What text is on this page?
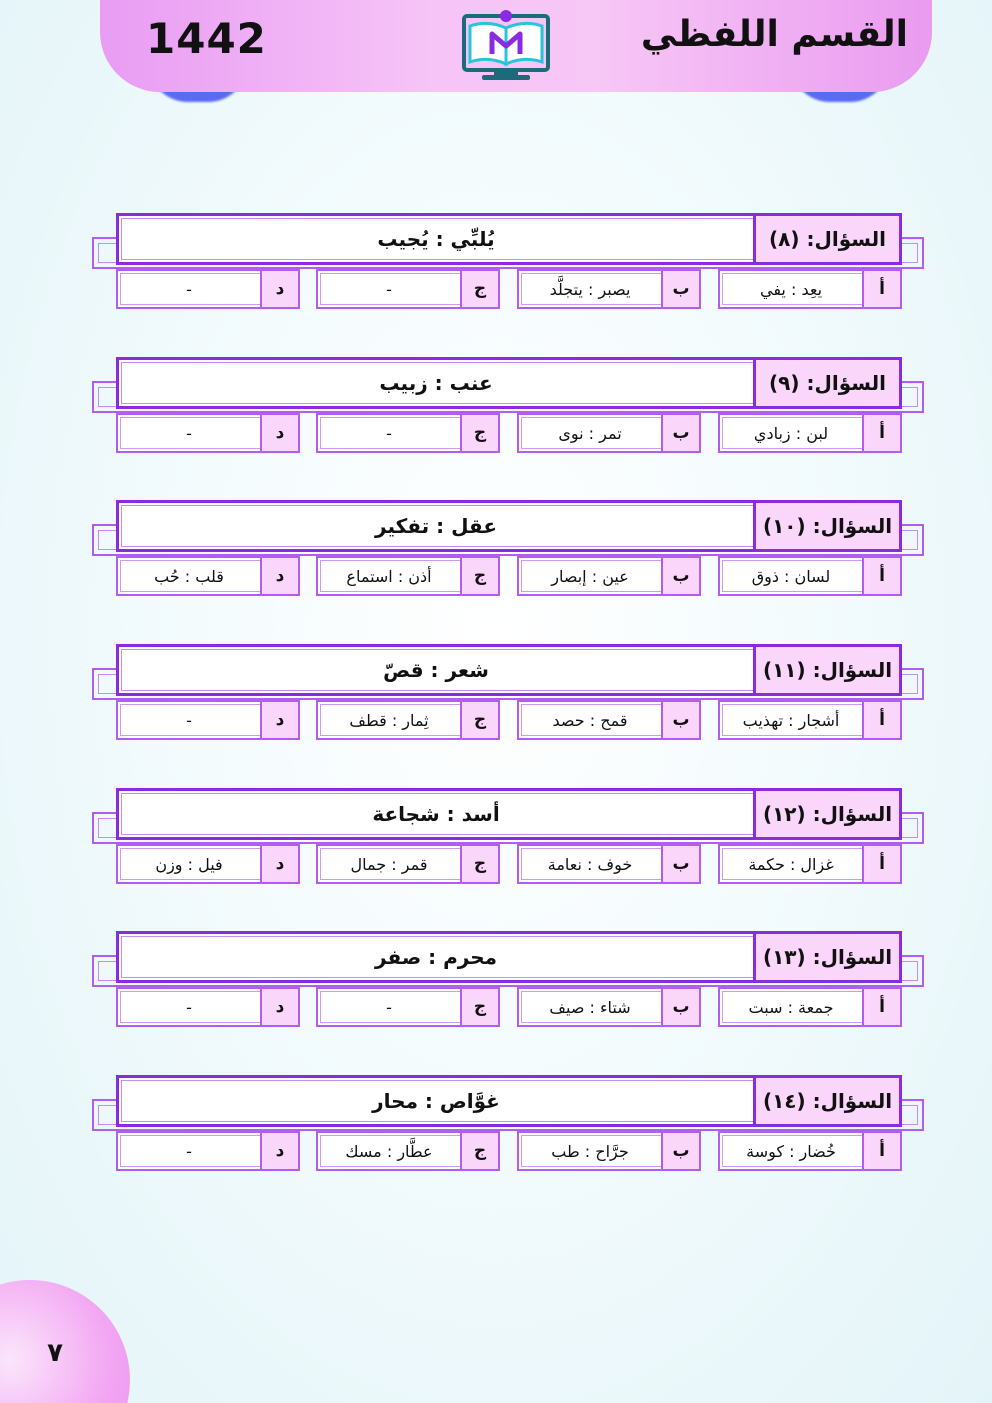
1442	القسم اللفظي
يُلبِّي : يُجيب	السؤال: (٨)
يعِد : يفي	أ
يصبر : يتجلَّد	ب
-	ج
-	د
عنب : زبيب	السؤال: (٩)
لبن : زبادي	أ
تمر : نوى	ب
-	ج
-	د
عقل : تفكير	السؤال: (١٠)
لسان : ذوق	أ
عين : إبصار	ب
أذن : استماع	ج
قلب : حُب	د
شعر : قصّ	السؤال: (١١)
أشجار : تهذيب	أ
قمح : حصد	ب
ثِمار : قطف	ج
-	د
أسد : شجاعة	السؤال: (١٢)
غزال : حكمة	أ
خوف : نعامة	ب
قمر : جمال	ج
فيل : وزن	د
محرم : صفر	السؤال: (١٣)
جمعة : سبت	أ
شتاء : صيف	ب
-	ج
-	د
غوَّاص : محار	السؤال: (١٤)
خُضار : كوسة	أ
جرَّاح : طب	ب
عطَّار : مسك	ج
-	د
٧
